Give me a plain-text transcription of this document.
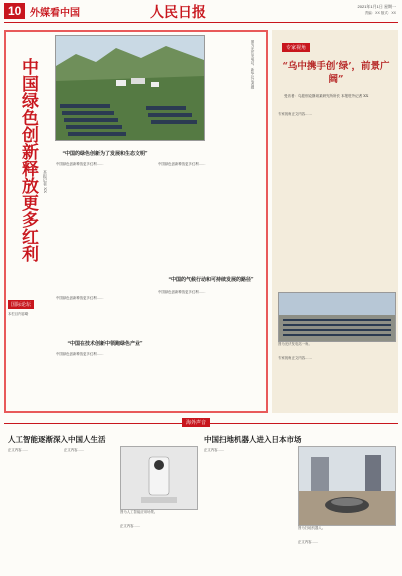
10 外媒看中国	人民日报	2021年1月1日 星期一
责编：XX 版式：XX
中国绿色创新释放更多红利 本报记者 XX
图为光伏发电站。新华社记者摄
“中国的绿色创新为了发展和生态文明”
中国绿色创新释放更多红利……	中国绿色创新释放更多红利……
“中国的气候行动和可持续发展的路径”
中国绿色创新释放更多红利……
“中国在技术创新中领跑绿色产业”
中国绿色创新释放更多红利……
中国绿色创新释放更多红利……
国际论坛
本栏目内容略
专家视角
“乌中携手创‘绿’，前景广阔”
受访者：乌兹别克斯坦某研究所所长 本报驻外记者 XX
专家视角正文内容……
图为光伏发电站一角。
专家视角正文内容……
海外声音
人工智能逐渐深入中国人生活
正文内容……	正文内容……
图为人工智能应用场景。
正文内容……
中国扫地机器人进入日本市场
正文内容……
图为扫地机器人。
正文内容……
